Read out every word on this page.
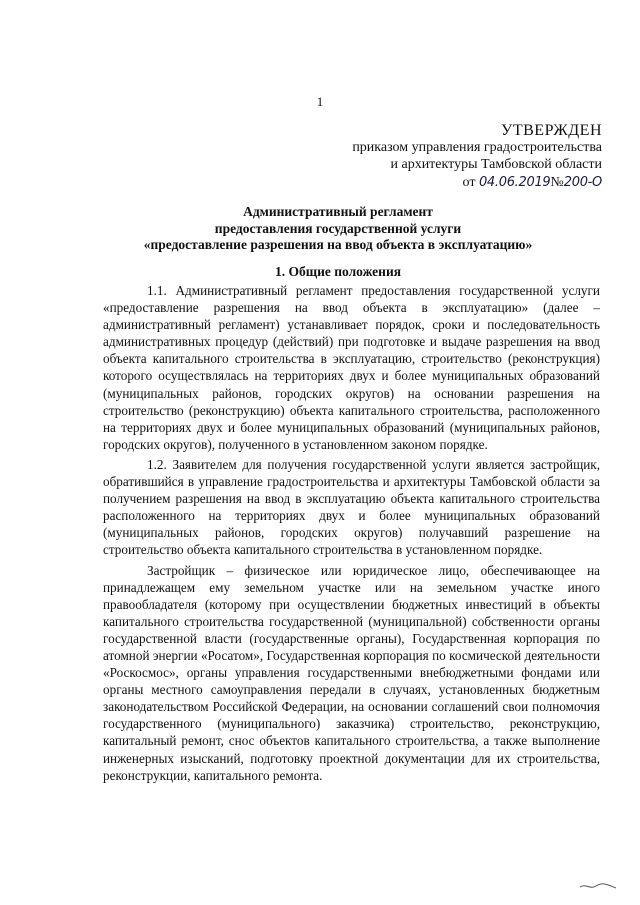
1
УТВЕРЖДЕН
приказом управления градостроительства
и архитектуры Тамбовской области
от 04.06.2019№200-О
Административный регламент
предоставления государственной услуги
«предоставление разрешения на ввод объекта в эксплуатацию»
1. Общие положения

1.1. Административный регламент предоставления государственной услуги «предоставление разрешения на ввод объекта в эксплуатацию» (далее – административный регламент) устанавливает порядок, сроки и последовательность административных процедур (действий) при подготовке и выдаче разрешения на ввод объекта капитального строительства в эксплуатацию, строительство (реконструкция) которого осуществлялась на территориях двух и более муниципальных образований (муниципальных районов, городских округов) на основании разрешения на строительство (реконструкцию) объекта капитального строительства, расположенного на территориях двух и более муниципальных образований (муниципальных районов, городских округов), полученного в установленном законом порядке.

1.2. Заявителем для получения государственной услуги является застройщик, обратившийся в управление градостроительства и архитектуры Тамбовской области за получением разрешения на ввод в эксплуатацию объекта капитального строительства расположенного на территориях двух и более муниципальных образований (муниципальных районов, городских округов) получавший разрешение на строительство объекта капитального строительства в установленном порядке.

Застройщик – физическое или юридическое лицо, обеспечивающее на принадлежащем ему земельном участке или на земельном участке иного правообладателя (которому при осуществлении бюджетных инвестиций в объекты капитального строительства государственной (муниципальной) собственности органы государственной власти (государственные органы), Государственная корпорация по атомной энергии «Росатом», Государственная корпорация по космической деятельности «Роскосмос», органы управления государственными внебюджетными фондами или органы местного самоуправления передали в случаях, установленных бюджетным законодательством Российской Федерации, на основании соглашений свои полномочия государственного (муниципального) заказчика) строительство, реконструкцию, капитальный ремонт, снос объектов капитального строительства, а также выполнение инженерных изысканий, подготовку проектной документации для их строительства, реконструкции, капитального ремонта.
